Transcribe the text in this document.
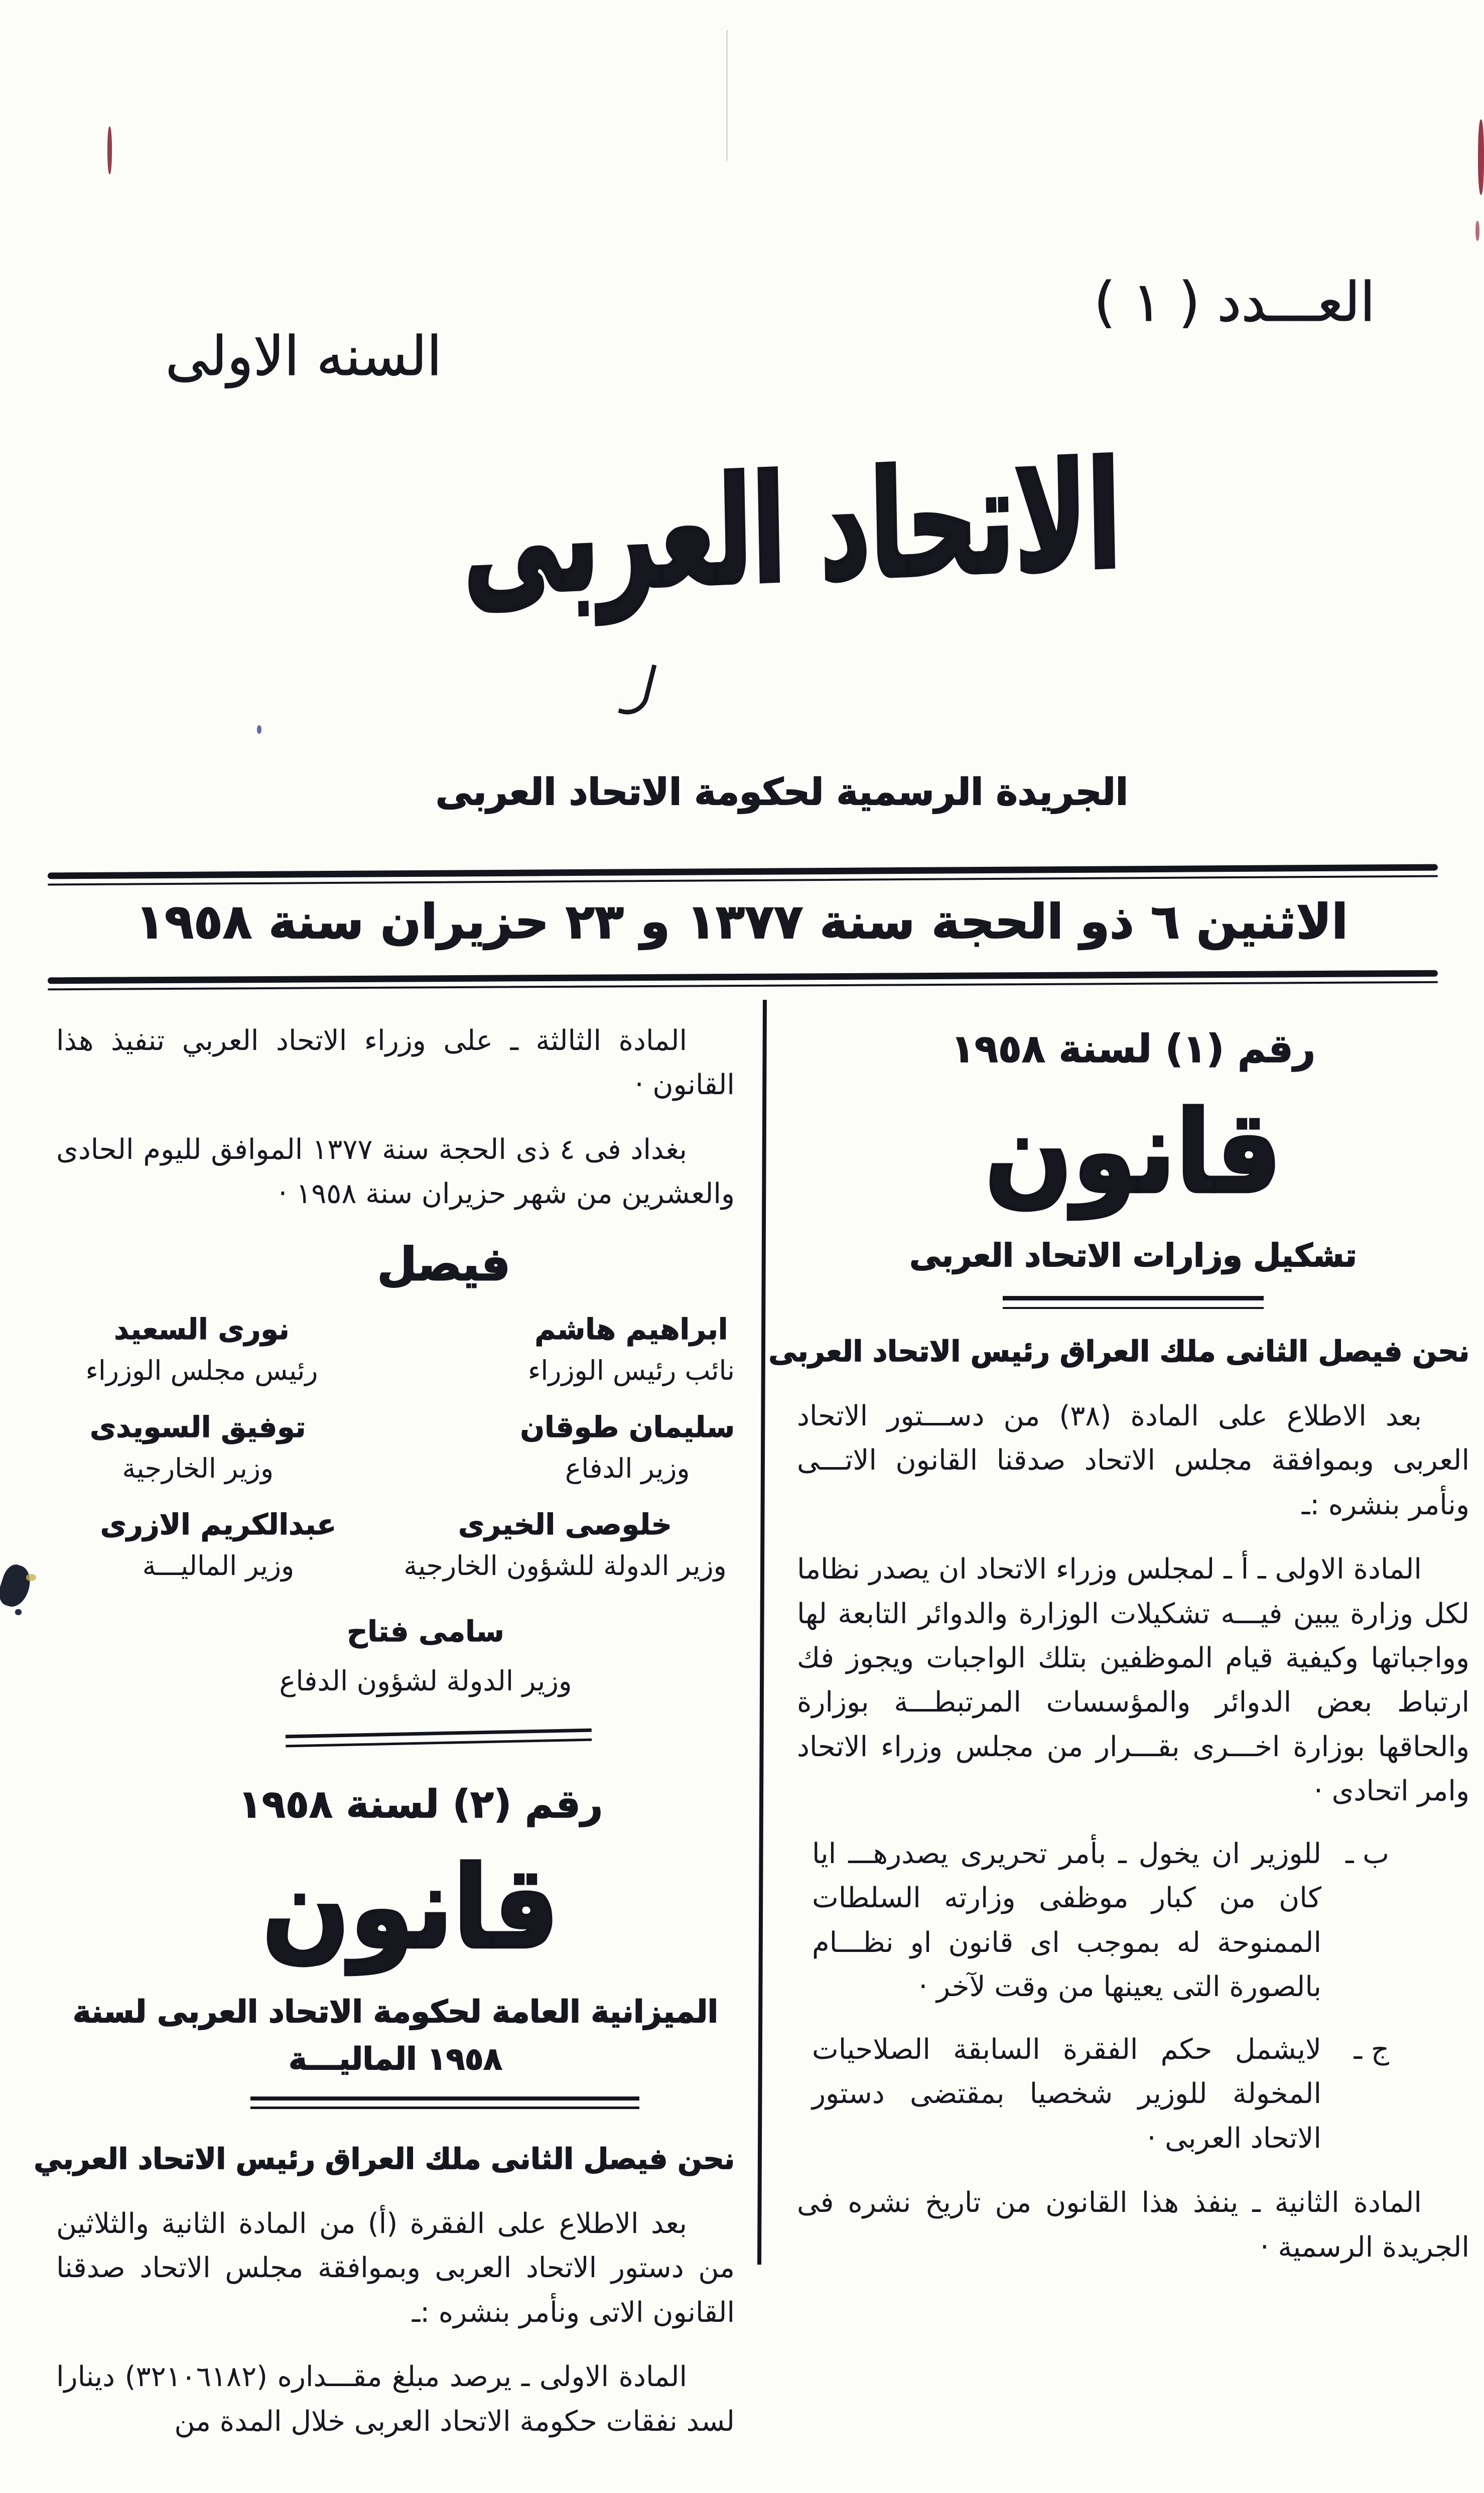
العـــدد ( ١ )
السنه الاولى
الاتحاد العربى
الجريدة الرسمية لحكومة الاتحاد العربى
الاثنين ٦ ذو الحجة سنة ١٣٧٧ و ٢٣ حزيران سنة ١٩٥٨
رقم (١) لسنة ١٩٥٨
قانون
تشكيل وزارات الاتحاد العربى
نحن فيصل الثانى ملك العراق رئيس الاتحاد العربى

بعد الاطلاع على المادة (٣٨) من دســـتور الاتحاد العربى وبموافقة مجلس الاتحاد صدقنا القانون الاتـــى ونأمر بنشره :ـ

المادة الاولى ـ أ ـ لمجلس وزراء الاتحاد ان يصدر نظاما لكل وزارة يبين فيـــه تشكيلات الوزارة والدوائر التابعة لها وواجباتها وكيفية قيام الموظفين بتلك الواجبات ويجوز فك ارتباط بعض الدوائر والمؤسسات المرتبطـــة بوزارة والحاقها بوزارة اخـــرى بقـــرار من مجلس وزراء الاتحاد وامر اتحادى ·

ب ـ
للوزير ان يخول ـ بأمر تحريرى يصدرهـــ ايا كان من كبار موظفى وزارته السلطات الممنوحة له بموجب اى قانون او نظـــام بالصورة التى يعينها من وقت لآخر ·
ج ـ
لايشمل حكم الفقرة السابقة الصلاحيات المخولة للوزير شخصيا بمقتضى دستور الاتحاد العربى ·

المادة الثانية ـ ينفذ هذا القانون من تاريخ نشره فى الجريدة الرسمية ·

المادة الثالثة ـ على وزراء الاتحاد العربي تنفيذ هذا القانون ·

بغداد فى ٤ ذى الحجة سنة ١٣٧٧ الموافق لليوم الحادى والعشرين من شهر حزيران سنة ١٩٥٨ ·

فيصل
ابراهيم هاشم
نائب رئيس الوزراء
نورى السعيد
رئيس مجلس الوزراء
سليمان طوقان
وزير الدفاع
توفيق السويدى
وزير الخارجية
خلوصى الخيرى
وزير الدولة للشؤون الخارجية
عبدالكريم الازرى
وزير الماليـــة
سامى فتاح
وزير الدولة لشؤون الدفاع
رقم (٢) لسنة ١٩٥٨
قانون
الميزانية العامة لحكومة الاتحاد العربى لسنة
١٩٥٨ الماليـــة
نحن فيصل الثانى ملك العراق رئيس الاتحاد العربي

بعد الاطلاع على الفقرة (أ) من المادة الثانية والثلاثين من دستور الاتحاد العربى وبموافقة مجلس الاتحاد صدقنا القانون الاتى ونأمر بنشره :ـ

المادة الاولى ـ يرصد مبلغ مقـــداره (٣٢١٠٦١٨٢) دينارا لسد نفقات حكومة الاتحاد العربى خلال المدة من
